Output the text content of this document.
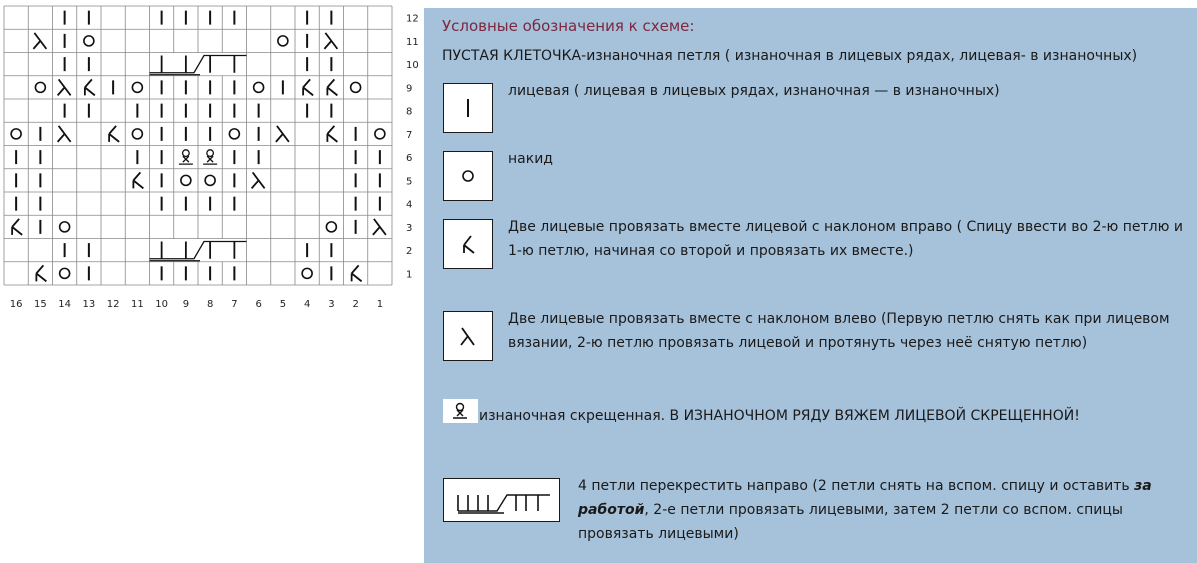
12
11
10
9
8
7
6
5
4
3
2
1
16 15 14 13 12 11 10 9 8 7 6 5 4 3 2 1
Условные обозначения к схеме:
ПУСТАЯ КЛЕТОЧКА-изнаночная петля ( изнаночная в лицевых рядах, лицевая- в изнаночных)
лицевая ( лицевая в лицевых рядах, изнаночная — в изнаночных)
накид
Две лицевые провязать вместе лицевой с наклоном вправо ( Спицу ввести во 2-ю петлю и
1-ю петлю, начиная со второй и провязать их вместе.)
Две лицевые провязать вместе с наклоном влево (Первую петлю снять как при лицевом
вязании, 2-ю петлю провязать лицевой и протянуть через неё снятую петлю)
изнаночная скрещенная. В ИЗНАНОЧНОМ РЯДУ ВЯЖЕМ ЛИЦЕВОЙ СКРЕЩЕННОЙ!
4 петли перекрестить направо (2 петли снять на вспом. спицу и оставить за
работой, 2-е петли провязать лицевыми, затем 2 петли со вспом. спицы
провязать лицевыми)
